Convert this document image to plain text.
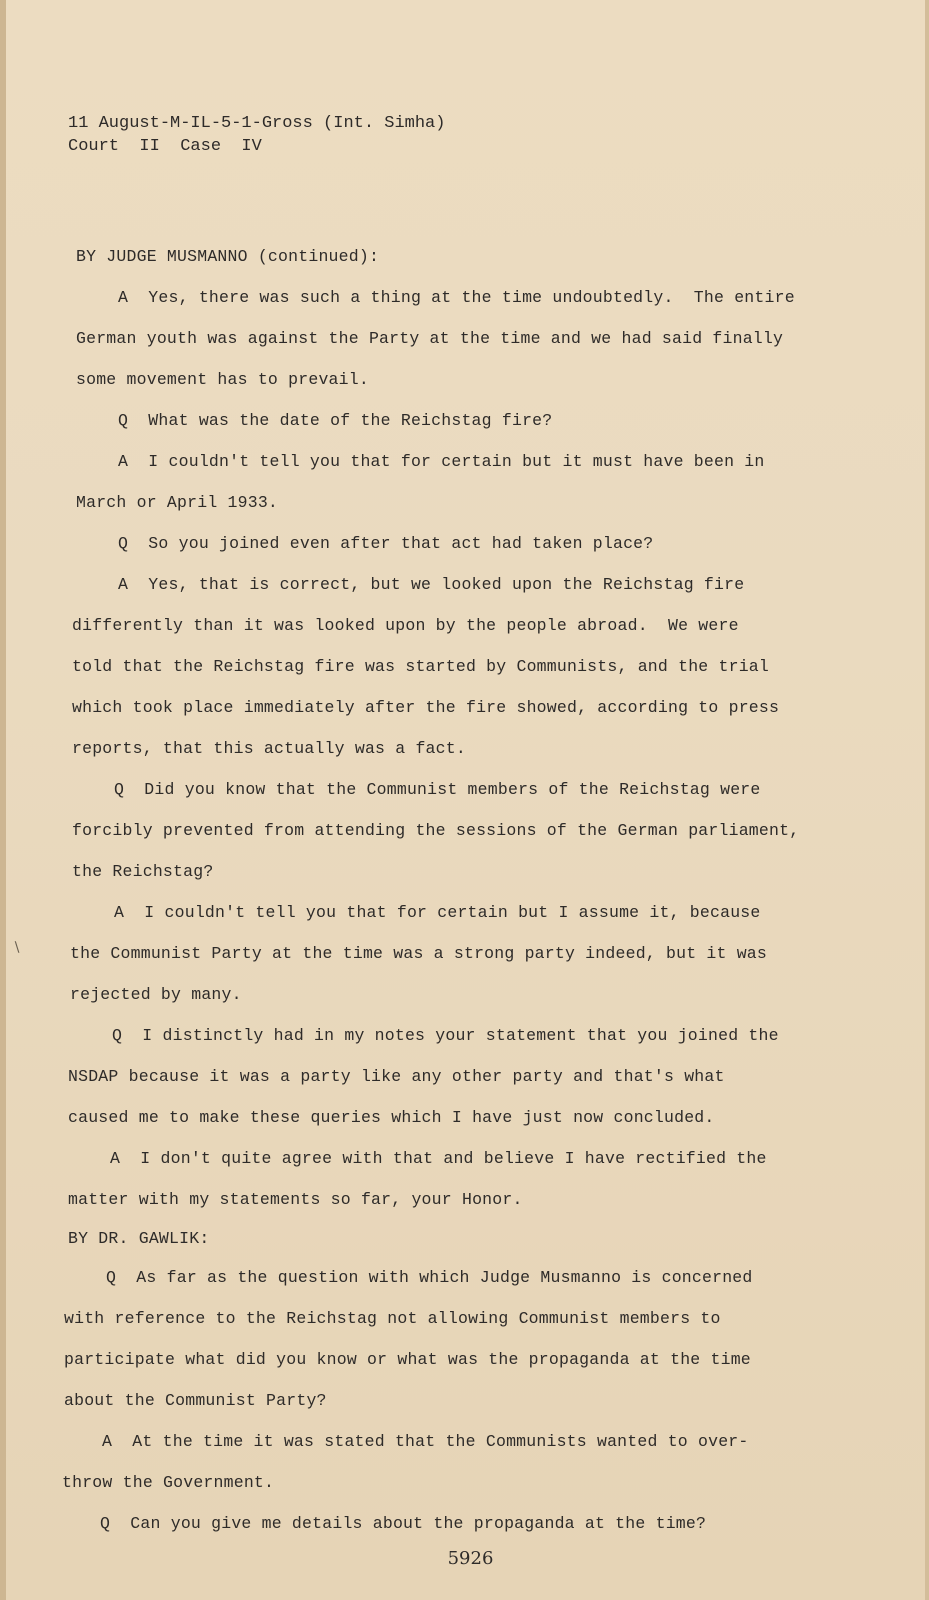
11 August-M-IL-5-1-Gross (Int. Simha)
Court  II  Case  IV
BY JUDGE MUSMANNO (continued):
A  Yes, there was such a thing at the time undoubtedly.  The entire
German youth was against the Party at the time and we had said finally
some movement has to prevail.
Q  What was the date of the Reichstag fire?
A  I couldn't tell you that for certain but it must have been in
March or April 1933.
Q  So you joined even after that act had taken place?
A  Yes, that is correct, but we looked upon the Reichstag fire
differently than it was looked upon by the people abroad.  We were
told that the Reichstag fire was started by Communists, and the trial
which took place immediately after the fire showed, according to press
reports, that this actually was a fact.
Q  Did you know that the Communist members of the Reichstag were
forcibly prevented from attending the sessions of the German parliament,
the Reichstag?
A  I couldn't tell you that for certain but I assume it, because
the Communist Party at the time was a strong party indeed, but it was
rejected by many.
Q  I distinctly had in my notes your statement that you joined the
NSDAP because it was a party like any other party and that's what
caused me to make these queries which I have just now concluded.
A  I don't quite agree with that and believe I have rectified the
matter with my statements so far, your Honor.
BY DR. GAWLIK:
Q  As far as the question with which Judge Musmanno is concerned
with reference to the Reichstag not allowing Communist members to
participate what did you know or what was the propaganda at the time
about the Communist Party?
A  At the time it was stated that the Communists wanted to over-
throw the Government.
Q  Can you give me details about the propaganda at the time?
5926
∖
